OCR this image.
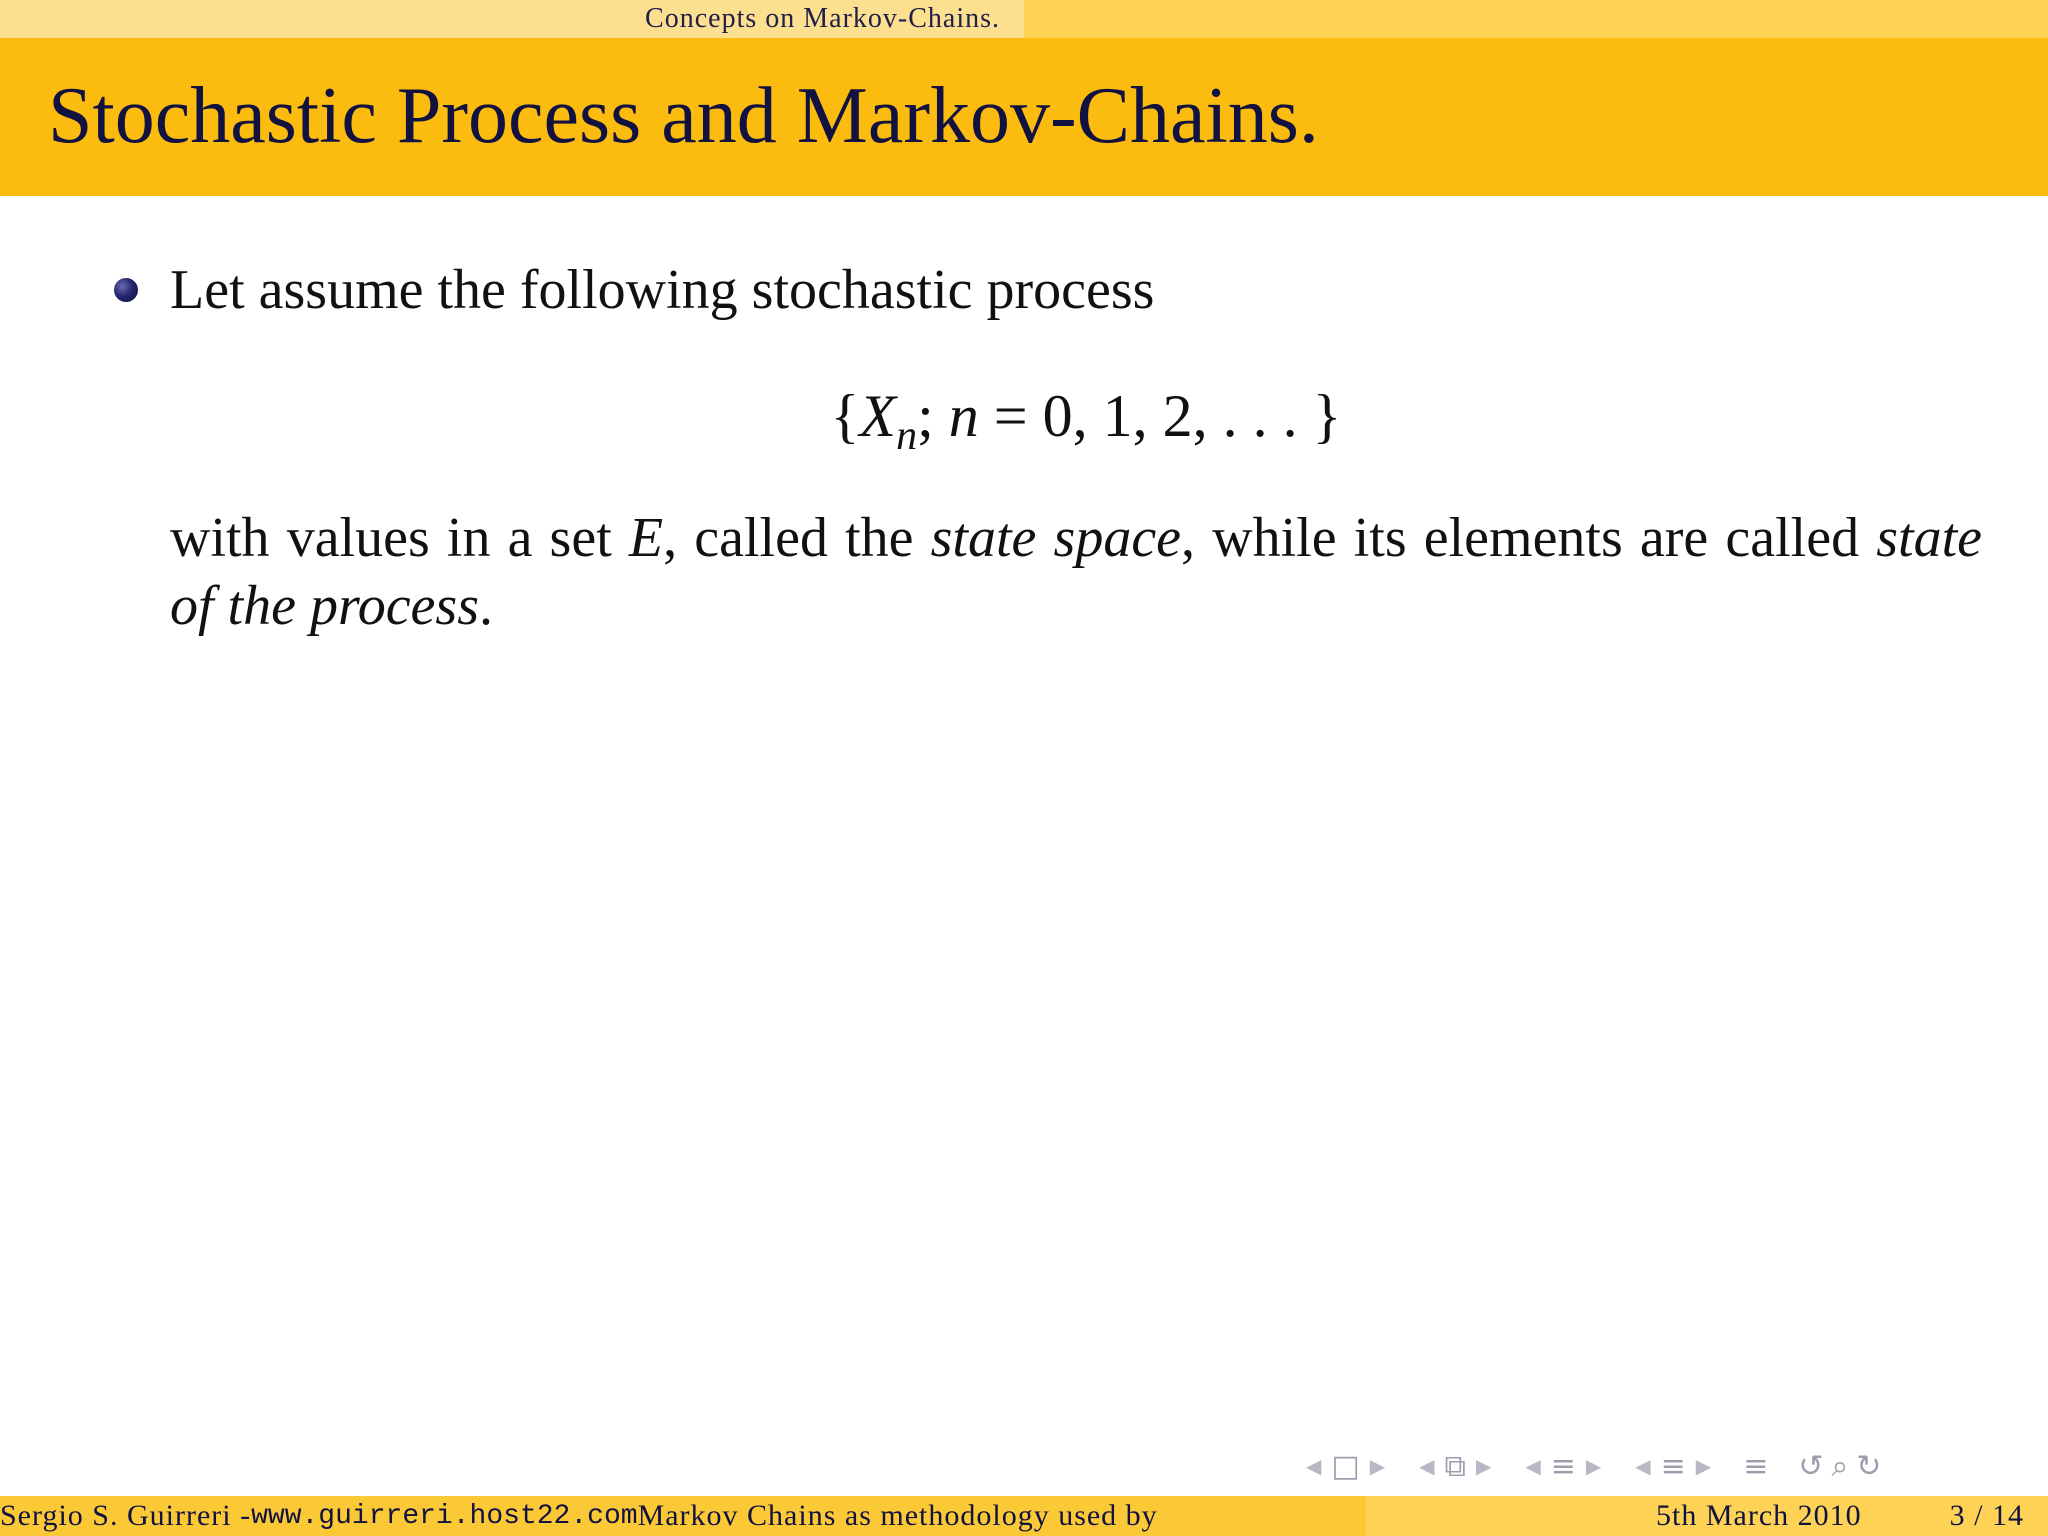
Concepts on Markov-Chains.
Stochastic Process and Markov-Chains.
Let assume the following stochastic process
{$X_n$; n = 0, 1, 2, . . . }

with values in a set E, called the state space, while its elements are called state of the process.

◀ □ ▶ ◀ ⧉ ▶ ◀ ≡ ▶ ◀ ≡ ▶ ≡ ↺ ⌕ ↻
Sergio S. Guirreri - www.guirreri.host22.com Markov Chains as methodology used by	5th March 2010	3 / 14
